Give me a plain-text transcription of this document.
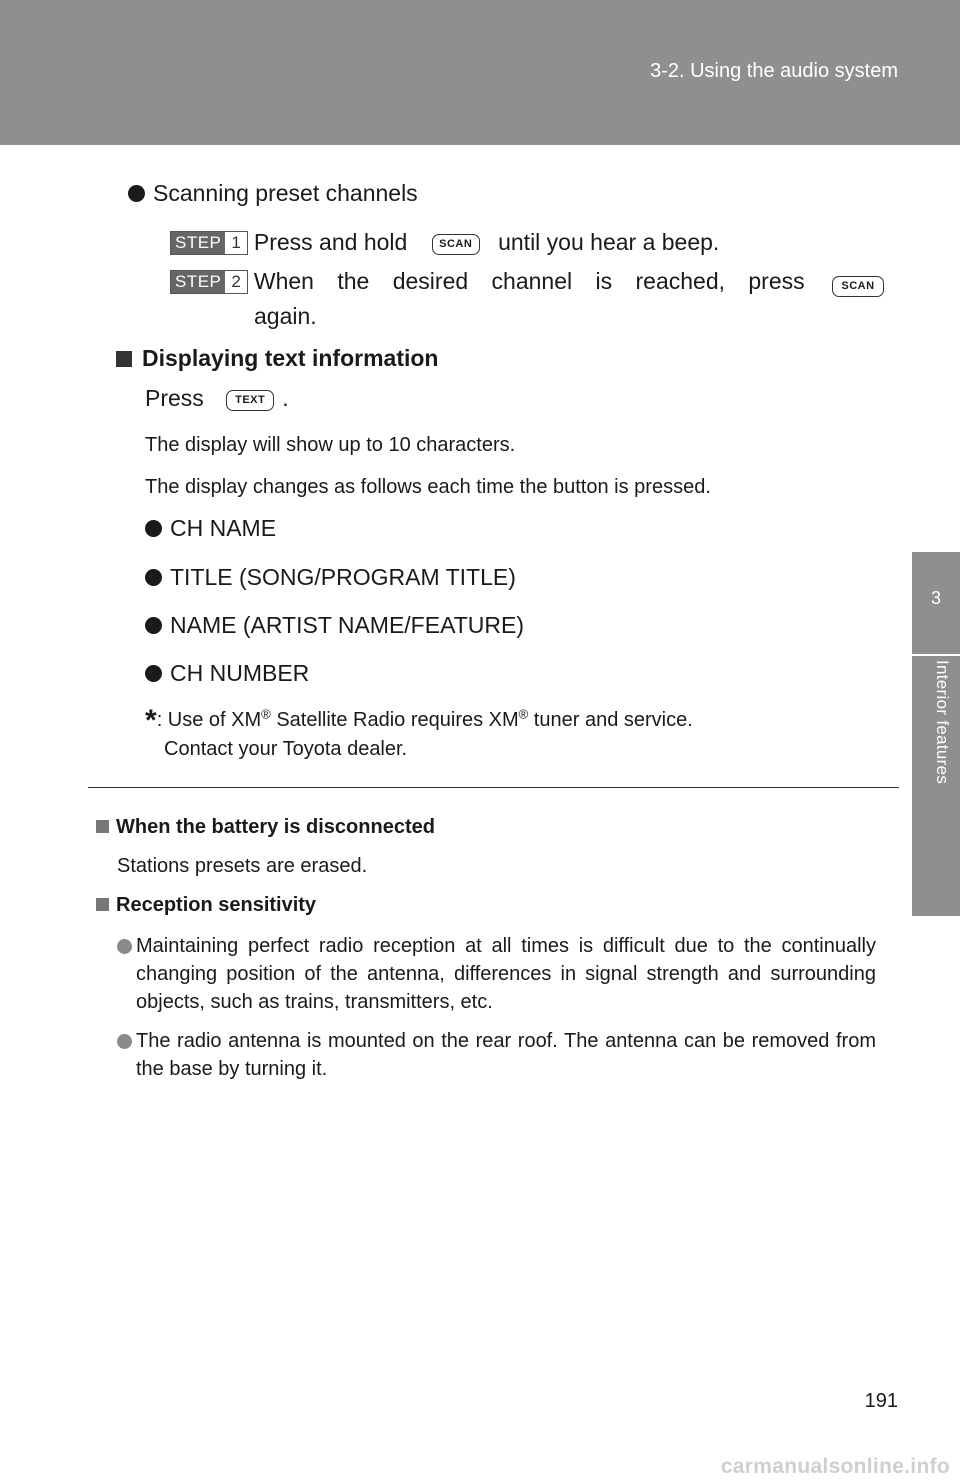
3-2. Using the audio system
3
Interior features
Scanning preset channels
STEP 1 Press and hold	SCAN until you hear a beep.
STEP 2 When the desired channel is reached, press	SCAN
again.
Displaying text information
Press	TEXT .
The display will show up to 10 characters.
The display changes as follows each time the button is pressed.
CH NAME
TITLE (SONG/PROGRAM TITLE)
NAME (ARTIST NAME/FEATURE)
CH NUMBER
*: Use of XM® Satellite Radio requires XM® tuner and service.
Contact your Toyota dealer.
When the battery is disconnected
Stations presets are erased.
Reception sensitivity
Maintaining perfect radio reception at all times is difficult due to the continually changing position of the antenna, differences in signal strength and surrounding objects, such as trains, transmitters, etc.
The radio antenna is mounted on the rear roof. The antenna can be removed from the base by turning it.
191
carmanualsonline.info
